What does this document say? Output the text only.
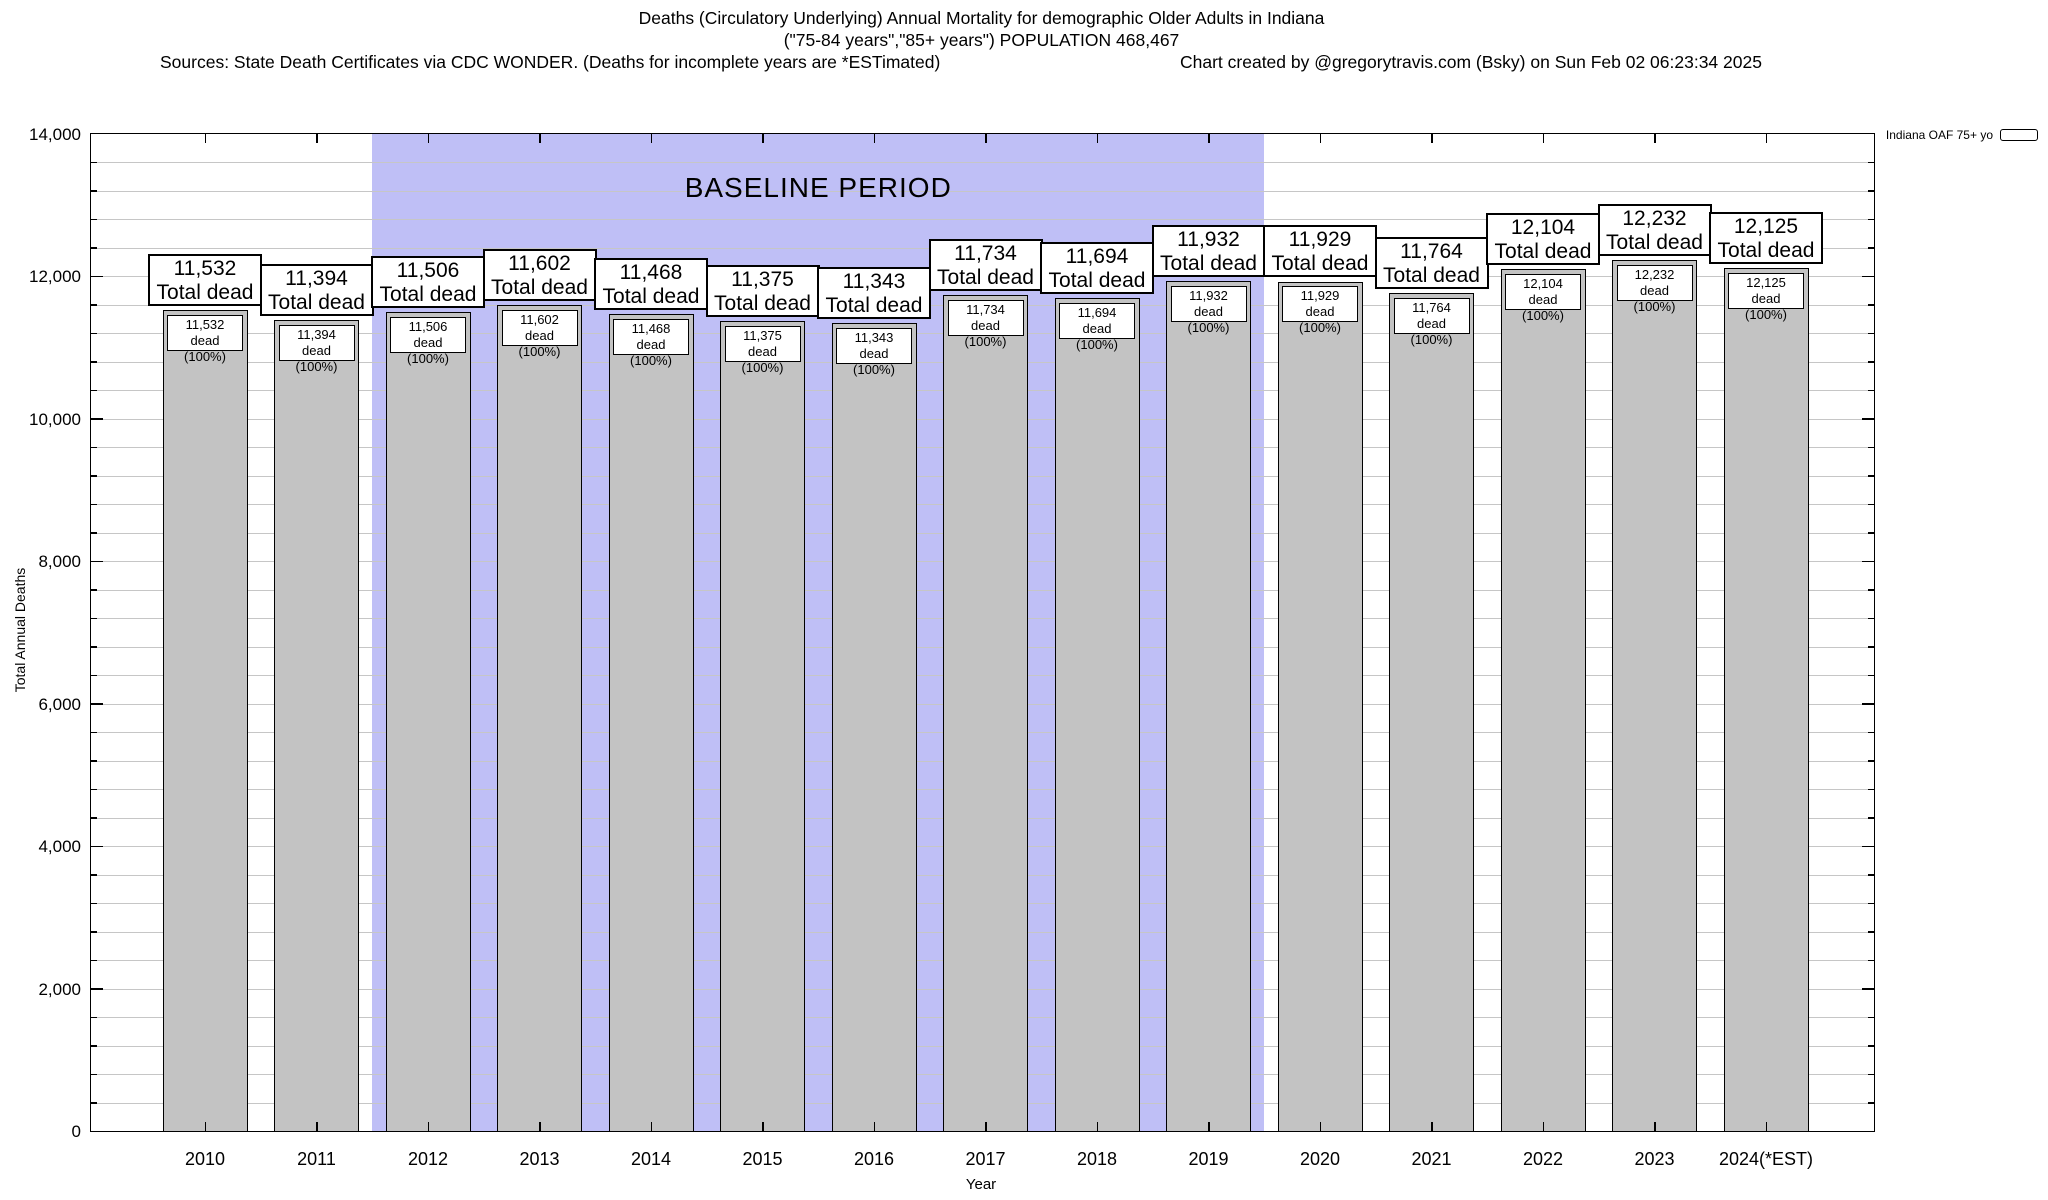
Deaths (Circulatory Underlying) Annual Mortality for demographic Older Adults in Indiana
("75-84 years","85+ years") POPULATION 468,467
Sources: State Death Certificates via CDC WONDER. (Deaths for incomplete years are *ESTimated)	Chart created by @gregorytravis.com (Bsky) on Sun Feb 02 06:23:34 2025
Total Annual Deaths
Year
Indiana OAF 75+ yo
BASELINE PERIOD
0
2,000
4,000
6,000
8,000
10,000
12,000
14,000
11,532
Total dead
11,532
dead (100%)
2010
11,394
Total dead
11,394
dead (100%)
2011
11,506
Total dead
11,506
dead (100%)
2012
11,602
Total dead
11,602
dead (100%)
2013
11,468
Total dead
11,468
dead (100%)
2014
11,375
Total dead
11,375
dead (100%)
2015
11,343
Total dead
11,343
dead (100%)
2016
11,734
Total dead
11,734
dead (100%)
2017
11,694
Total dead
11,694
dead (100%)
2018
11,932
Total dead
11,932
dead (100%)
2019
11,929
Total dead
11,929
dead (100%)
2020
11,764
Total dead
11,764
dead (100%)
2021
12,104
Total dead
12,104
dead (100%)
2022
12,232
Total dead
12,232
dead (100%)
2023
12,125
Total dead
12,125
dead (100%)
2024(*EST)
